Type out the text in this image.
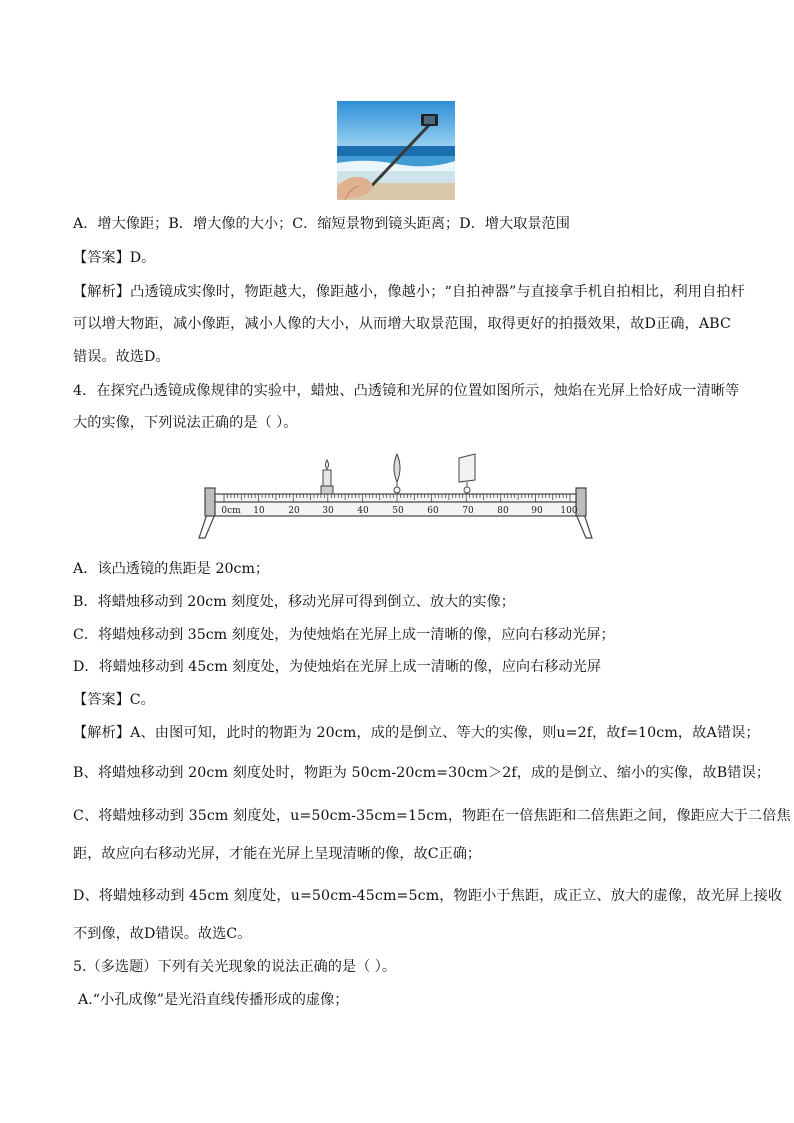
..
A．增大像距；B．增大像的大小；C．缩短景物到镜头距离；D．增大取景范围
【答案】D。
【解析】凸透镜成实像时，物距越大，像距越小，像越小；“自拍神器”与直接拿手机自拍相比，利用自拍杆
可以增大物距，减小像距，减小人像的大小，从而增大取景范围，取得更好的拍摄效果，故D正确，ABC
错误。故选D。
4．在探究凸透镜成像规律的实验中，蜡烛、凸透镜和光屏的位置如图所示，烛焰在光屏上恰好成一清晰等
大的实像，下列说法正确的是（ ）。
0cm 10	20	30	40	50	60	70	80	90 100
A．该凸透镜的焦距是 20cm；
B．将蜡烛移动到 20cm 刻度处，移动光屏可得到倒立、放大的实像；
C．将蜡烛移动到 35cm 刻度处，为使烛焰在光屏上成一清晰的像，应向右移动光屏；
D．将蜡烛移动到 45cm 刻度处，为使烛焰在光屏上成一清晰的像，应向右移动光屏
【答案】C。
【解析】A、由图可知，此时的物距为 20cm，成的是倒立、等大的实像，则u=2f，故f=10cm，故A错误；
B、将蜡烛移动到 20cm 刻度处时，物距为 50cm-20cm=30cm＞2f，成的是倒立、缩小的实像，故B错误；
C、将蜡烛移动到 35cm 刻度处，u=50cm-35cm=15cm，物距在一倍焦距和二倍焦距之间，像距应大于二倍焦
距，故应向右移动光屏，才能在光屏上呈现清晰的像，故C正确；
D、将蜡烛移动到 45cm 刻度处，u=50cm-45cm=5cm，物距小于焦距，成正立、放大的虚像，故光屏上接收
不到像，故D错误。故选C。
5.（多选题）下列有关光现象的说法正确的是（ ）。
A.“小孔成像”是光沿直线传播形成的虚像；
